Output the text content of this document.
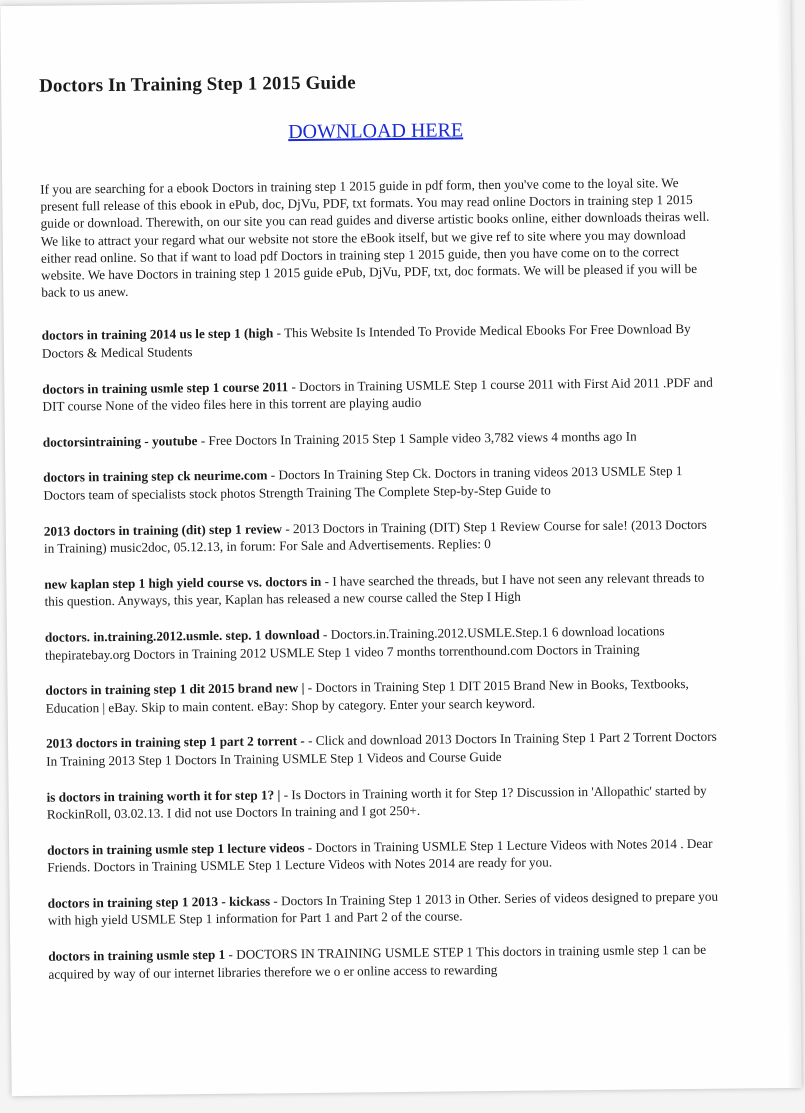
Doctors In Training Step 1 2015 Guide
DOWNLOAD HERE

If you are searching for a ebook Doctors in training step 1 2015 guide in pdf form, then you've come to the loyal site. We present full release of this ebook in ePub, doc, DjVu, PDF, txt formats. You may read online Doctors in training step 1 2015 guide or download. Therewith, on our site you can read guides and diverse artistic books online, either downloads theiras well. We like to attract your regard what our website not store the eBook itself, but we give ref to site where you may download either read online. So that if want to load pdf Doctors in training step 1 2015 guide, then you have come on to the correct website. We have Doctors in training step 1 2015 guide ePub, DjVu, PDF, txt, doc formats. We will be pleased if you will be back to us anew.

doctors in training 2014 us le step 1 (high - This Website Is Intended To Provide Medical Ebooks For Free Download By Doctors & Medical Students
doctors in training usmle step 1 course 2011 - Doctors in Training USMLE Step 1 course 2011 with First Aid 2011 .PDF and DIT course None of the video files here in this torrent are playing audio
doctorsintraining - youtube - Free Doctors In Training 2015 Step 1 Sample video 3,782 views 4 months ago In
doctors in training step ck neurime.com - Doctors In Training Step Ck. Doctors in traning videos 2013 USMLE Step 1 Doctors team of specialists stock photos Strength Training The Complete Step-by-Step Guide to
2013 doctors in training (dit) step 1 review - 2013 Doctors in Training (DIT) Step 1 Review Course for sale! (2013 Doctors in Training) music2doc, 05.12.13, in forum: For Sale and Advertisements. Replies: 0
new kaplan step 1 high yield course vs. doctors in - I have searched the threads, but I have not seen any relevant threads to this question. Anyways, this year, Kaplan has released a new course called the Step I High
doctors. in.training.2012.usmle. step. 1 download - Doctors.in.Training.2012.USMLE.Step.1 6 download locations thepiratebay.org Doctors in Training 2012 USMLE Step 1 video 7 months torrenthound.com Doctors in Training
doctors in training step 1 dit 2015 brand new | - Doctors in Training Step 1 DIT 2015 Brand New in Books, Textbooks, Education | eBay. Skip to main content. eBay: Shop by category. Enter your search keyword.
2013 doctors in training step 1 part 2 torrent - - Click and download 2013 Doctors In Training Step 1 Part 2 Torrent Doctors In Training 2013 Step 1 Doctors In Training USMLE Step 1 Videos and Course Guide
is doctors in training worth it for step 1? | - Is Doctors in Training worth it for Step 1? Discussion in 'Allopathic' started by RockinRoll, 03.02.13. I did not use Doctors In training and I got 250+.
doctors in training usmle step 1 lecture videos - Doctors in Training USMLE Step 1 Lecture Videos with Notes 2014 . Dear Friends. Doctors in Training USMLE Step 1 Lecture Videos with Notes 2014 are ready for you.
doctors in training step 1 2013 - kickass - Doctors In Training Step 1 2013 in Other. Series of videos designed to prepare you with high yield USMLE Step 1 information for Part 1 and Part 2 of the course.
doctors in training usmle step 1 - DOCTORS IN TRAINING USMLE STEP 1 This doctors in training usmle step 1 can be acquired by way of our internet libraries therefore we o er online access to rewarding
